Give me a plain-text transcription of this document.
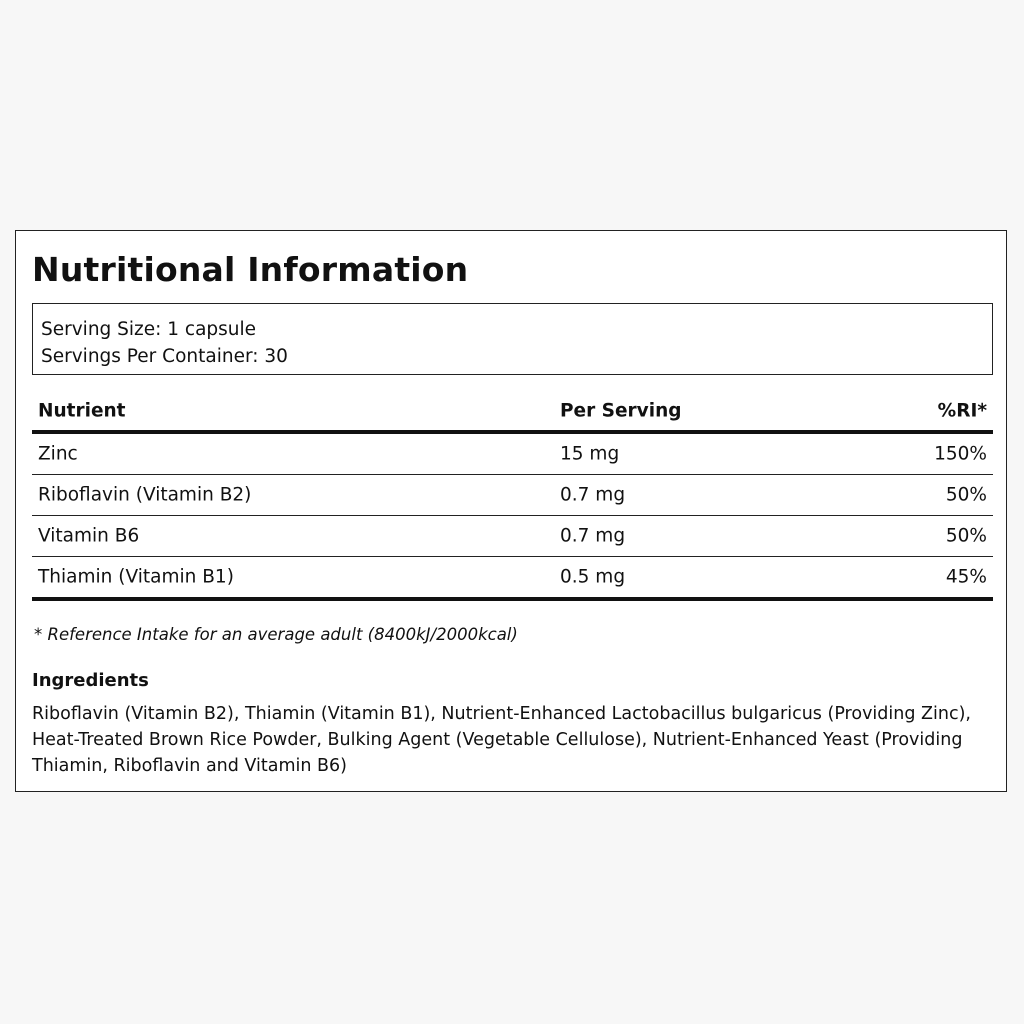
Nutritional Information
Serving Size: 1 capsule
Servings Per Container: 30
Nutrient	Per Serving	%RI*
Zinc	15 mg	150%
Riboflavin (Vitamin B2)	0.7 mg	50%
Vitamin B6	0.7 mg	50%
Thiamin (Vitamin B1)	0.5 mg	45%
* Reference Intake for an average adult (8400kJ/2000kcal)
Ingredients
Riboflavin (Vitamin B2), Thiamin (Vitamin B1), Nutrient-Enhanced Lactobacillus bulgaricus (Providing Zinc), Heat-Treated Brown Rice Powder, Bulking Agent (Vegetable Cellulose), Nutrient-Enhanced Yeast (Providing Thiamin, Riboflavin and Vitamin B6)
